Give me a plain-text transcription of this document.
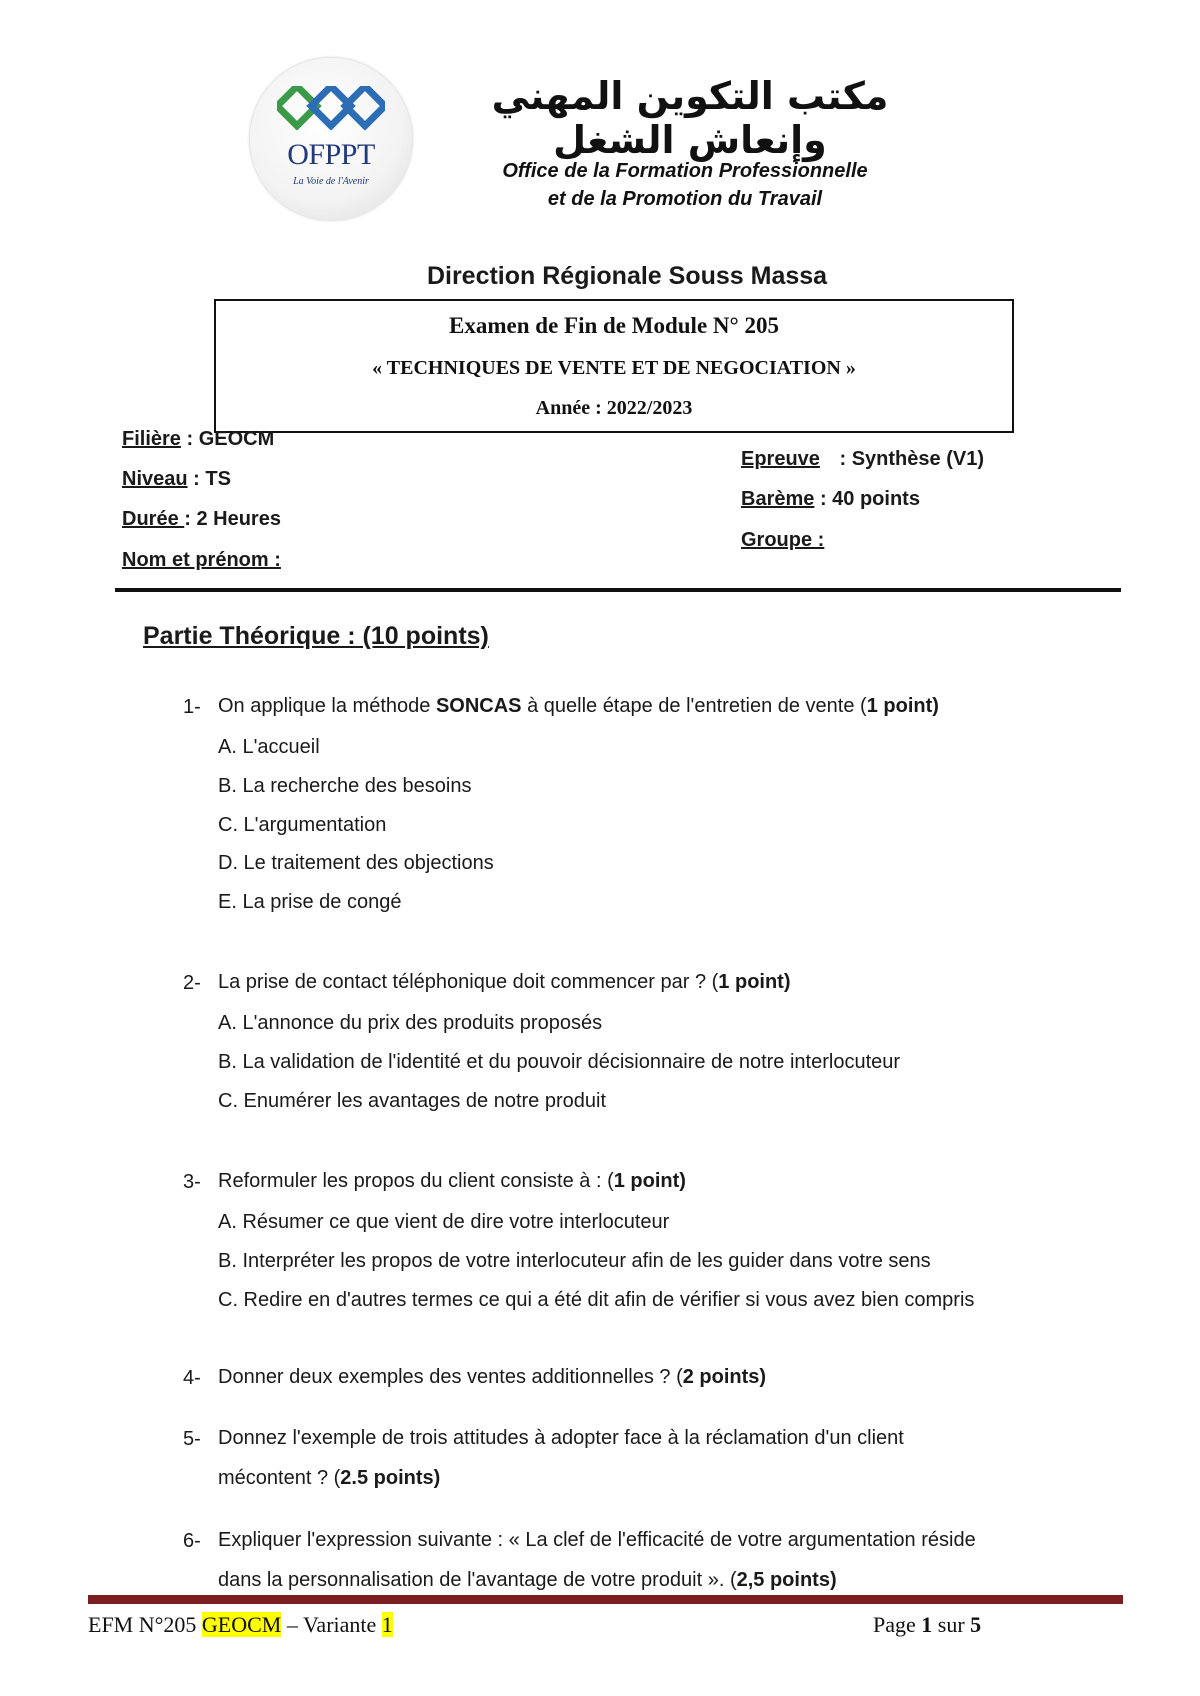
OFPPT
La Voie de l'Avenir
مكتب التكوين المهني وإنعاش الشغل
Office de la Formation Professionnelle
et de la Promotion du Travail
Direction Régionale Souss Massa
Examen de Fin de Module N° 205
« TECHNIQUES DE VENTE ET DE NEGOCIATION »
Année : 2022/2023
Filière : GEOCM
Niveau : TS
Durée : 2 Heures
Nom et prénom :
Epreuve : Synthèse (V1)
Barème : 40 points
Groupe :
Partie Théorique : (10 points)
1- On applique la méthode SONCAS à quelle étape de l'entretien de vente (1 point)
A. L'accueil
B. La recherche des besoins
C. L'argumentation
D. Le traitement des objections
E. La prise de congé
2- La prise de contact téléphonique doit commencer par ? (1 point)
A. L'annonce du prix des produits proposés
B. La validation de l'identité et du pouvoir décisionnaire de notre interlocuteur
C. Enumérer les avantages de notre produit
3- Reformuler les propos du client consiste à : (1 point)
A. Résumer ce que vient de dire votre interlocuteur
B. Interpréter les propos de votre interlocuteur afin de les guider dans votre sens
C. Redire en d'autres termes ce qui a été dit afin de vérifier si vous avez bien compris
4- Donner deux exemples des ventes additionnelles ? (2 points)
5- Donnez l'exemple de trois attitudes à adopter face à la réclamation d'un client
mécontent ? (2.5 points)
6- Expliquer l'expression suivante : « La clef de l'efficacité de votre argumentation réside
dans la personnalisation de l'avantage de votre produit ». (2,5 points)
EFM N°205 GEOCM – Variante 1	Page 1 sur 5
